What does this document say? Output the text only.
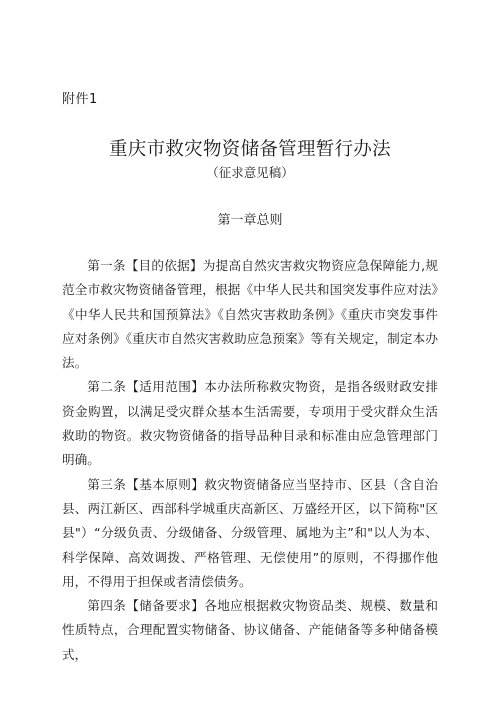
附件1
重庆市救灾物资储备管理暂行办法
（征求意见稿）
第一章总则

第一条【目的依据】为提高自然灾害救灾物资应急保障能力,规范全市救灾物资储备管理，根据《中华人民共和国突发事件应对法》《中华人民共和国预算法》《自然灾害救助条例》《重庆市突发事件应对条例》《重庆市自然灾害救助应急预案》等有关规定，制定本办法。

第二条【适用范围】本办法所称救灾物资，是指各级财政安排资金购置，以满足受灾群众基本生活需要，专项用于受灾群众生活救助的物资。救灾物资储备的指导品种目录和标准由应急管理部门明确。

第三条【基本原则】救灾物资储备应当坚持市、区县（含自治县、两江新区、西部科学城重庆高新区、万盛经开区，以下简称"区县"）“分级负责、分级储备、分级管理、属地为主”和"以人为本、科学保障、高效调拨、严格管理、无偿使用”的原则，不得挪作他用，不得用于担保或者清偿债务。

第四条【储备要求】各地应根据救灾物资品类、规模、数量和性质特点，合理配置实物储备、协议储备、产能储备等多种储备模式，
